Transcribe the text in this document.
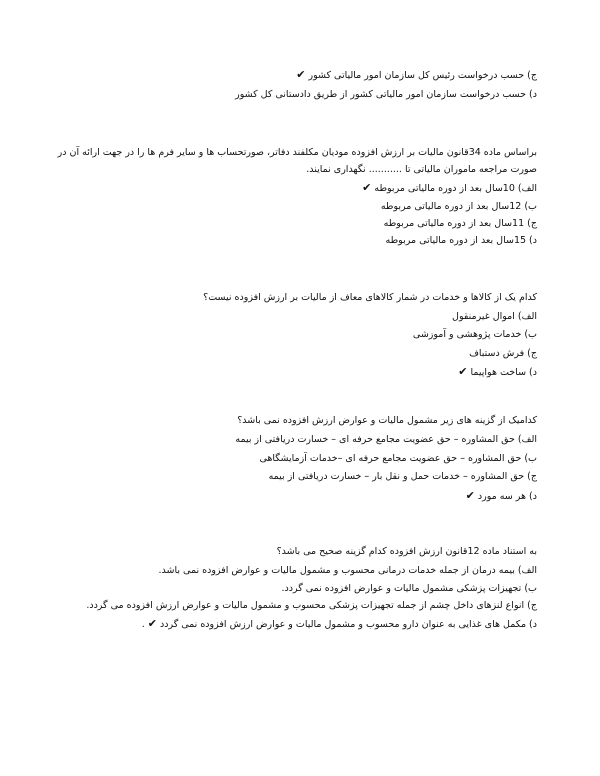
ج) حسب درخواست رئیس کل سازمان امور مالیاتی کشور ✔
د) حسب درخواست سازمان امور مالیاتی کشور از طریق دادستانی کل کشور
براساس ماده 34قانون مالیات بر ارزش افزوده مودیان مکلفند دفاتر، صورتحساب ها و سایر فرم ها را در جهت ارائه آن در صورت مراجعه ماموران مالیاتی تا ........... نگهداری نمایند.
الف) 10سال بعد از دوره مالیاتی مربوطه ✔
ب) 12سال بعد از دوره مالیاتی مربوطه
ج) 11سال بعد از دوره مالیاتی مربوطه
د) 15سال بعد از دوره مالیاتی مربوطه
کدام یک از کالاها و خدمات در شمار کالاهای معاف از مالیات بر ارزش افزوده نیست؟
الف) اموال غیرمنقول
ب) خدمات پژوهشی و آموزشی
ج) فرش دستباف
د) ساخت هواپیما ✔
کدامیک از گزینه های زیر مشمول مالیات و عوارض ارزش افزوده نمی باشد؟
الف) حق المشاوره – حق عضویت مجامع حرفه ای – خسارت دریافتی از بیمه
ب) حق المشاوره – حق عضویت مجامع حرفه ای –خدمات آزمایشگاهی
ج) حق المشاوره – خدمات حمل و نقل بار – خسارت دریافتی از بیمه
د) هر سه مورد ✔
به استناد ماده 12قانون ارزش افزوده کدام گزینه صحیح می باشد؟
الف) بیمه درمان از جمله خدمات درمانی محسوب و مشمول مالیات و عوارض افزوده نمی باشد.
ب) تجهیزات پزشکی مشمول مالیات و عوارض افزوده نمی گردد.
ج) انواع لنزهای داخل چشم از جمله تجهیزات پزشکی محسوب و مشمول مالیات و عوارض ارزش افزوده می گردد.
د) مکمل های غذایی به عنوان دارو محسوب و مشمول مالیات و عوارض ارزش افزوده نمی گردد ✔ .
